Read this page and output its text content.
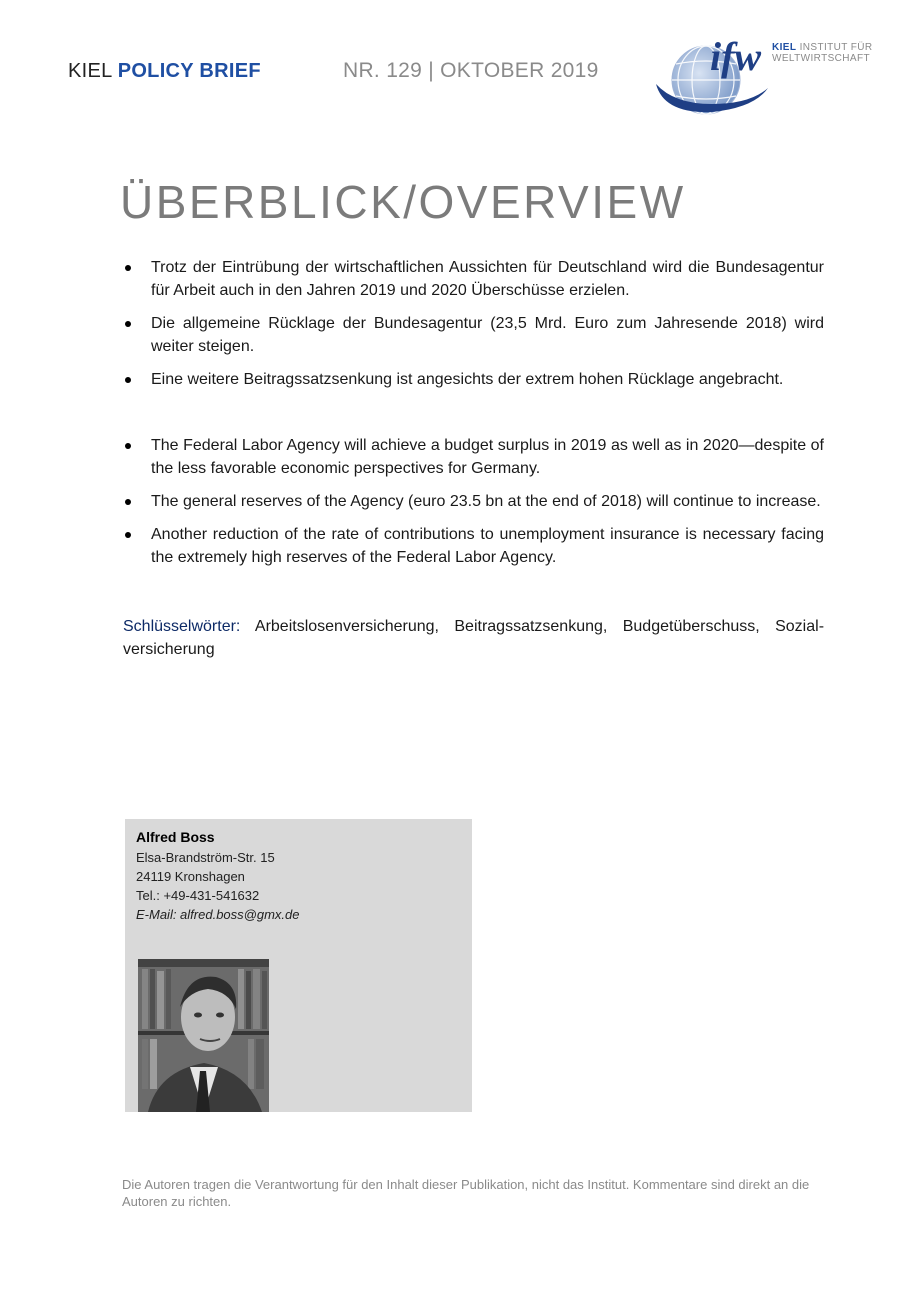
KIEL POLICY BRIEF	NR. 129 | OKTOBER 2019	ifw KIEL INSTITUT FÜR
WELTWIRTSCHAFT
ÜBERBLICK/OVERVIEW
Trotz der Eintrübung der wirtschaftlichen Aussichten für Deutschland wird die Bundesagentur für Arbeit auch in den Jahren 2019 und 2020 Überschüsse erzielen.
Die allgemeine Rücklage der Bundesagentur (23,5 Mrd. Euro zum Jahresende 2018) wird weiter steigen.
Eine weitere Beitragssatzsenkung ist angesichts der extrem hohen Rücklage angebracht.
The Federal Labor Agency will achieve a budget surplus in 2019 as well as in 2020—despite of the less favorable economic perspectives for Germany.
The general reserves of the Agency (euro 23.5 bn at the end of 2018) will continue to increase.
Another reduction of the rate of contributions to unemployment insurance is necessary facing the extremely high reserves of the Federal Labor Agency.
Schlüsselwörter: Arbeitslosenversicherung, Beitragssatzsenkung, Budgetüberschuss, Sozialversicherung
Alfred Boss
Elsa-Brandström-Str. 15
24119 Kronshagen
Tel.: +49-431-541632
E-Mail: alfred.boss@gmx.de
Die Autoren tragen die Verantwortung für den Inhalt dieser Publikation, nicht das Institut. Kommentare sind direkt an die Autoren zu richten.
